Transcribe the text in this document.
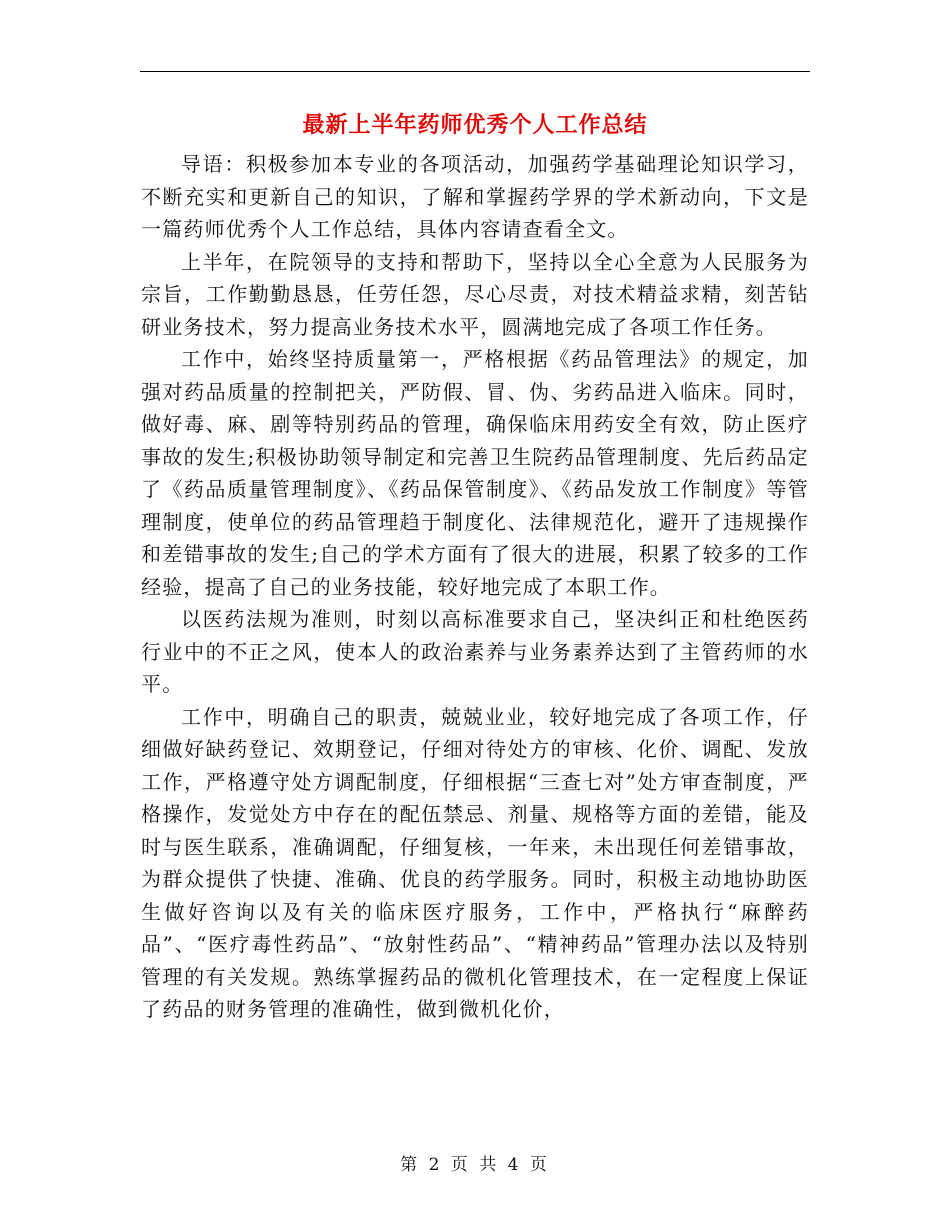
最新上半年药师优秀个人工作总结

导语：积极参加本专业的各项活动，加强药学基础理论知识学习，不断充实和更新自己的知识，了解和掌握药学界的学术新动向，下文是一篇药师优秀个人工作总结，具体内容请查看全文。

上半年，在院领导的支持和帮助下，坚持以全心全意为人民服务为宗旨，工作勤勤恳恳，任劳任怨，尽心尽责，对技术精益求精，刻苦钻研业务技术，努力提高业务技术水平，圆满地完成了各项工作任务。

工作中，始终坚持质量第一，严格根据《药品管理法》的规定，加强对药品质量的控制把关，严防假、冒、伪、劣药品进入临床。同时，做好毒、麻、剧等特别药品的管理，确保临床用药安全有效，防止医疗事故的发生;积极协助领导制定和完善卫生院药品管理制度、先后药品定了《药品质量管理制度》、《药品保管制度》、《药品发放工作制度》等管理制度，使单位的药品管理趋于制度化、法律规范化，避开了违规操作和差错事故的发生;自己的学术方面有了很大的进展，积累了较多的工作经验，提高了自己的业务技能，较好地完成了本职工作。

以医药法规为准则，时刻以高标准要求自己，坚决纠正和杜绝医药行业中的不正之风，使本人的政治素养与业务素养达到了主管药师的水平。

工作中，明确自己的职责，兢兢业业，较好地完成了各项工作，仔细做好缺药登记、效期登记，仔细对待处方的审核、化价、调配、发放工作，严格遵守处方调配制度，仔细根据“三查七对”处方审查制度，严格操作，发觉处方中存在的配伍禁忌、剂量、规格等方面的差错，能及时与医生联系，准确调配，仔细复核，一年来，未出现任何差错事故，为群众提供了快捷、准确、优良的药学服务。同时，积极主动地协助医生做好咨询以及有关的临床医疗服务，工作中，严格执行“麻醉药品”、“医疗毒性药品”、“放射性药品”、“精神药品”管理办法以及特别管理的有关发规。熟练掌握药品的微机化管理技术，在一定程度上保证了药品的财务管理的准确性，做到微机化价，

第 2 页 共 4 页
